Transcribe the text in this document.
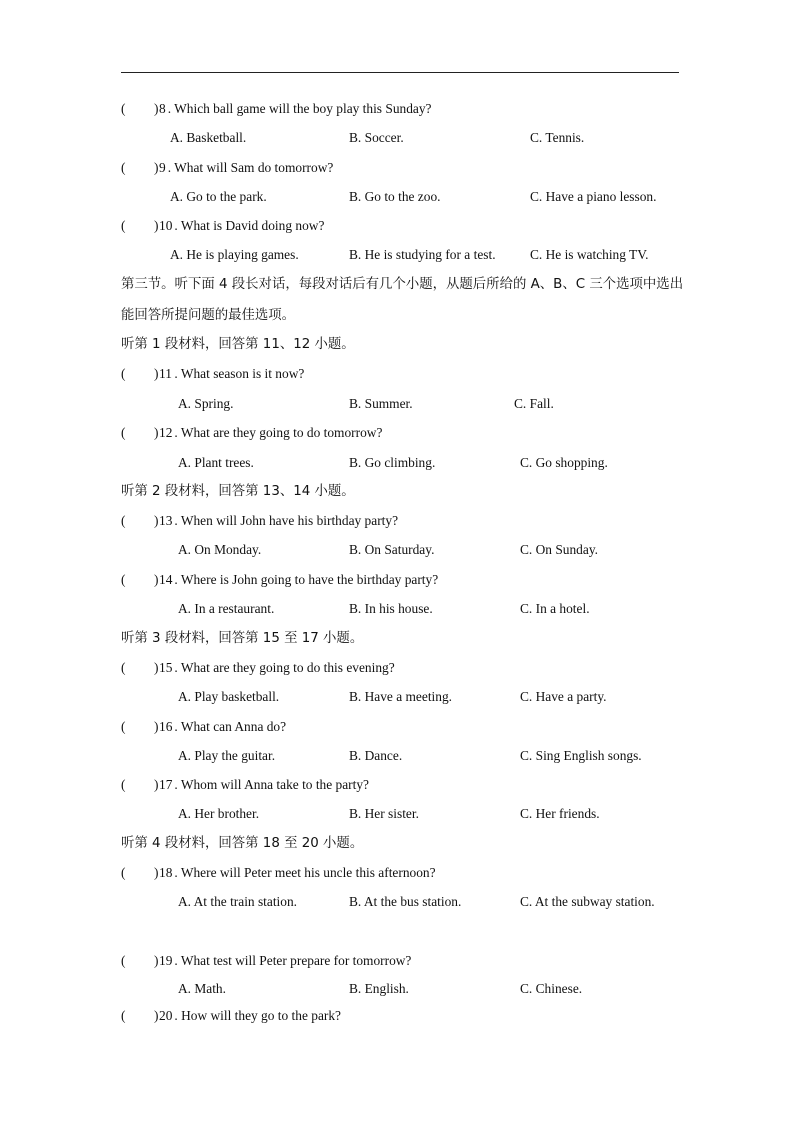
( ) 8 . Which ball game will the boy play this Sunday?
A. Basketball.	B. Soccer.	C. Tennis.
( ) 9 . What will Sam do tomorrow?
A. Go to the park.	B. Go to the zoo.	C. Have a piano lesson.
( ) 10 . What is David doing now?
A. He is playing games.	B. He is studying for a test.	C. He is watching TV.
( ) 11 . What season is it now?
A. Spring.	B. Summer.	C. Fall.
( ) 12 . What are they going to do tomorrow?
A. Plant trees.	B. Go climbing.	C. Go shopping.
( ) 13 . When will John have his birthday party?
A. On Monday.	B. On Saturday.	C. On Sunday.
( ) 14 . Where is John going to have the birthday party?
A. In a restaurant.	B. In his house.	C. In a hotel.
( ) 15 . What are they going to do this evening?
A. Play basketball.	B. Have a meeting.	C. Have a party.
( ) 16 . What can Anna do?
A. Play the guitar.	B. Dance.	C. Sing English songs.
( ) 17 . Whom will Anna take to the party?
A. Her brother.	B. Her sister.	C. Her friends.
( ) 18 . Where will Peter meet his uncle this afternoon?
A. At the train station.	B. At the bus station.	C. At the subway station.
( ) 19 . What test will Peter prepare for tomorrow?
A. Math.	B. English.	C. Chinese.
( ) 20 . How will they go to the park?
第三节。听下面 4 段长对话，每段对话后有几个小题，从题后所给的 A、B、C 三个选项中选出
能回答所提问题的最佳选项。
听第 1 段材料，回答第 11、12 小题。
听第 2 段材料，回答第 13、14 小题。
听第 3 段材料，回答第 15 至 17 小题。
听第 4 段材料，回答第 18 至 20 小题。
